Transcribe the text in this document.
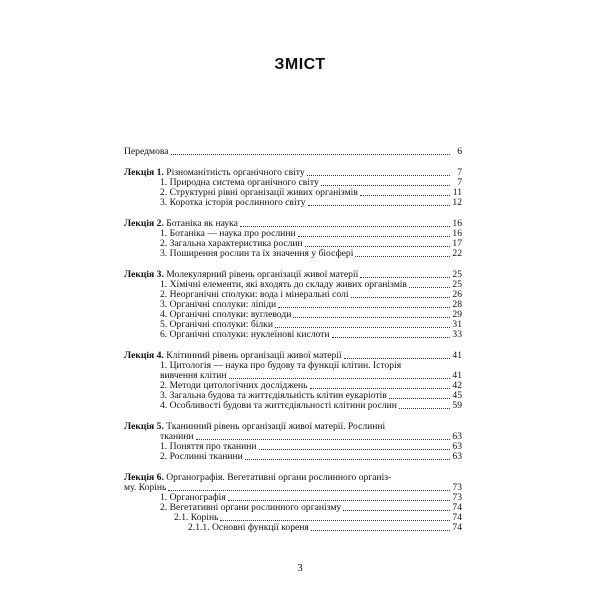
ЗМІСТ
Передмова	6
Лекція 1. Різноманітність органічного світу	7
1. Природна система органічного світу	7
2. Структурні рівні організації живих організмів	11
3. Коротка історія рослинного світу	12
Лекція 2. Ботаніка як наука	16
1. Ботаніка — наука про рослини	16
2. Загальна характеристика рослин	17
3. Поширення рослин та їх значення у біосфері	22
Лекція 3. Молекулярний рівень організації живої матерії	25
1. Хімічні елементи, які входять до складу живих організмів	25
2. Неорганічні сполуки: вода і мінеральні солі	26
3. Органічні сполуки: ліпіди	28
4. Органічні сполуки: вуглеводи	29
5. Органічні сполуки: білки	31
6. Органічні сполуки: нуклеїнові кислоти	33
Лекція 4. Клітинний рівень організації живої матерії	41
1. Цитологія — наука про будову та функції клітин. Історія
вивчення клітин	41
2. Методи цитологічних досліджень	42
3. Загальна будова та життєдіяльність клітин еукаріотів	45
4. Особливості будови та життєдіяльності клітини рослин	59
Лекція 5. Тканинний рівень організації живої матерії. Рослинні
тканини	63
1. Поняття про тканини	63
2. Рослинні тканини	63
Лекція 6. Органографія. Вегетативні органи рослинного організ-
му. Корінь	73
1. Органографія	73
2. Вегетативні органи рослинного організму	74
2.1. Корінь	74
2.1.1. Основні функції кореня	74
3
